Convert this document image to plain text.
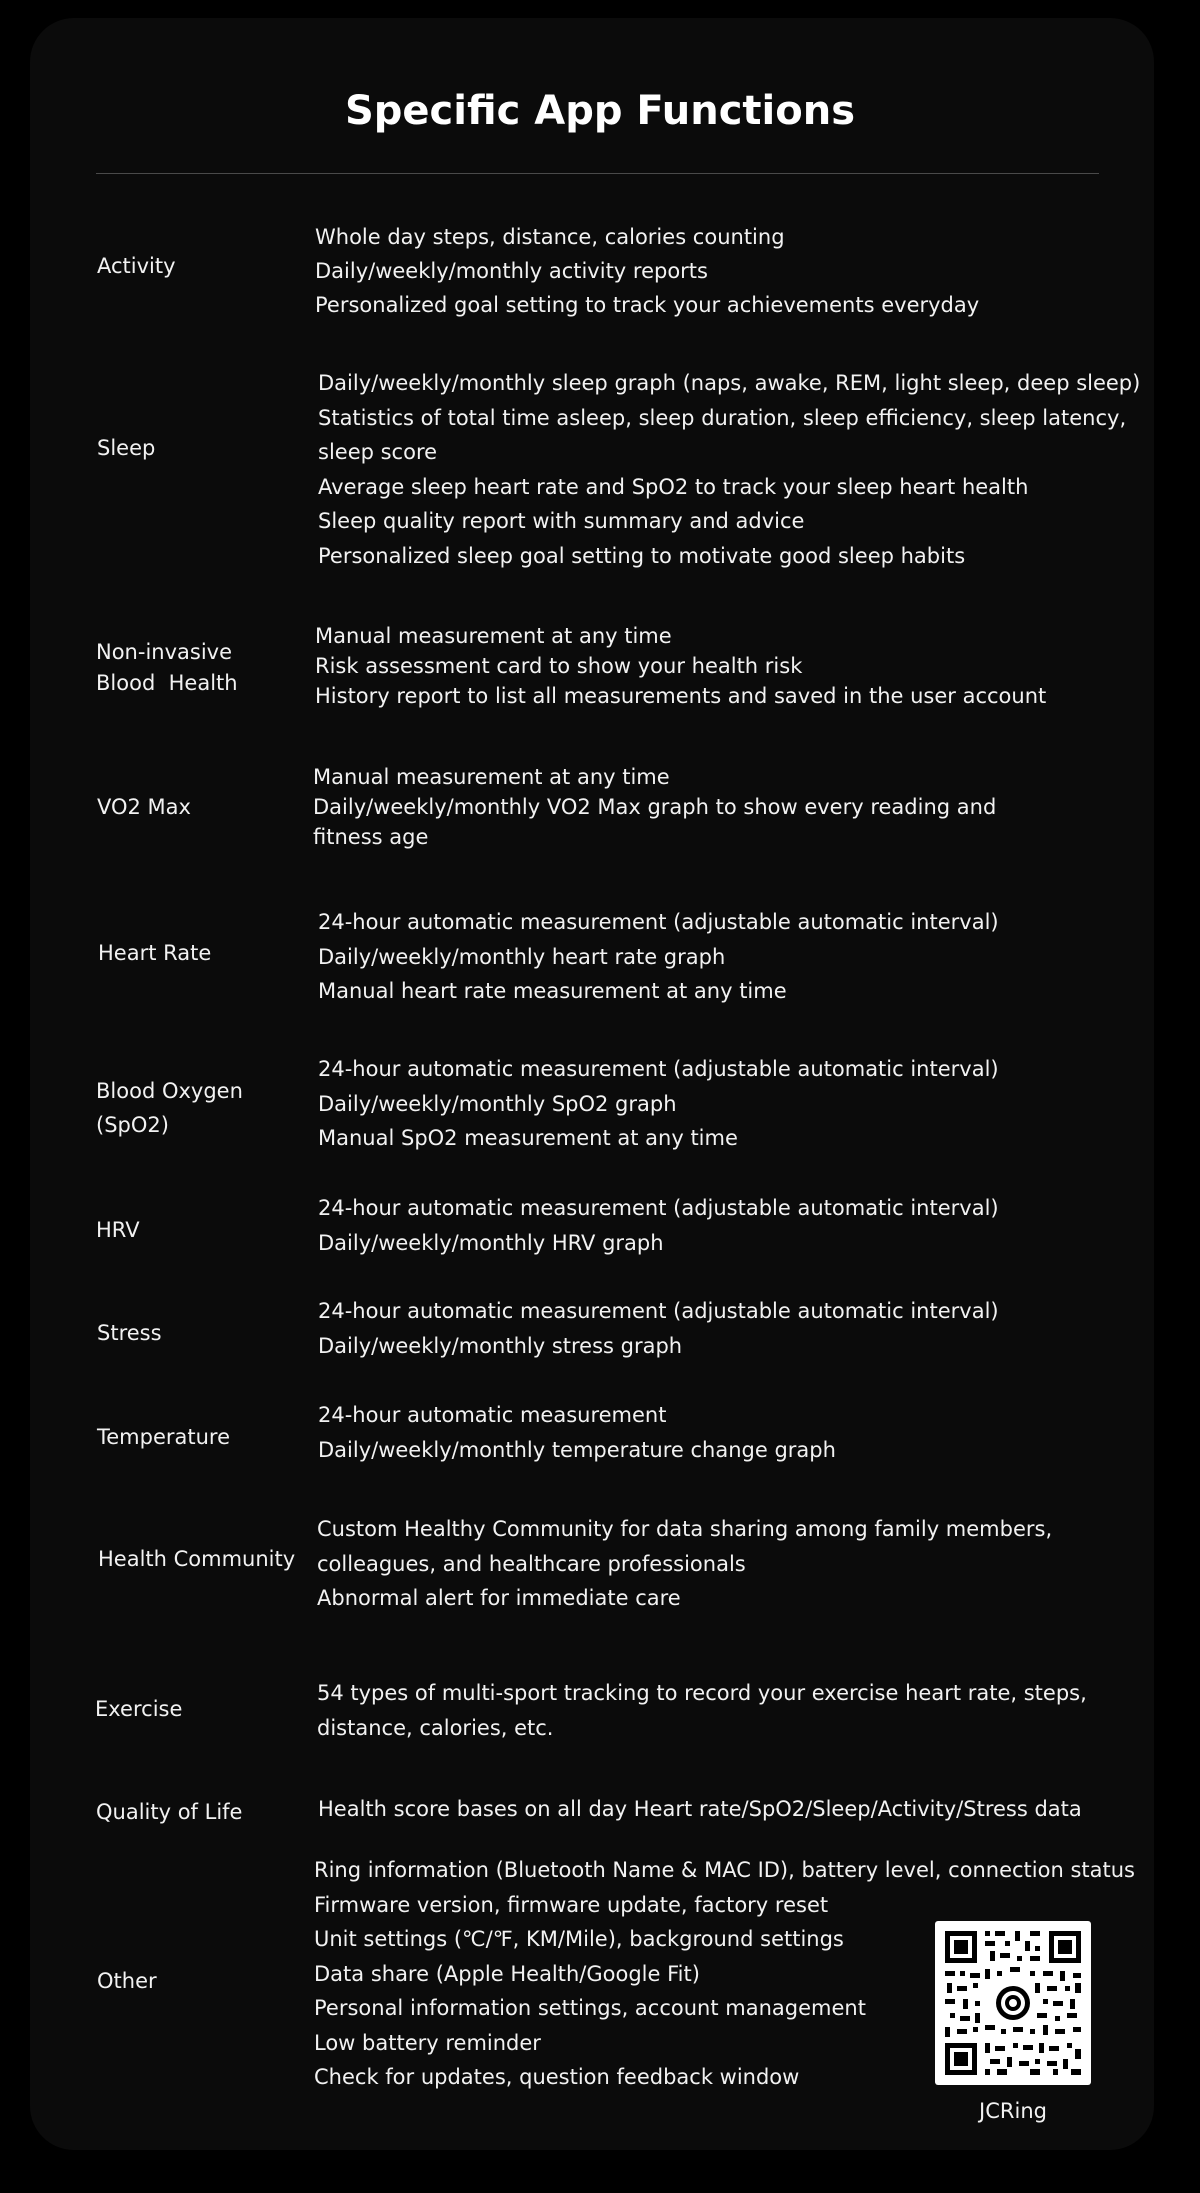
Specific App Functions
Activity
Whole day steps, distance, calories counting
Daily/weekly/monthly activity reports
Personalized goal setting to track your achievements everyday
Sleep
Daily/weekly/monthly sleep graph (naps, awake, REM, light sleep, deep sleep)
Statistics of total time asleep, sleep duration, sleep efficiency, sleep latency,
sleep score
Average sleep heart rate and SpO2 to track your sleep heart health
Sleep quality report with summary and advice
Personalized sleep goal setting to motivate good sleep habits
Non-invasive
Blood  Health
Manual measurement at any time
Risk assessment card to show your health risk
History report to list all measurements and saved in the user account
VO2 Max
Manual measurement at any time
Daily/weekly/monthly VO2 Max graph to show every reading and
fitness age
Heart Rate
24-hour automatic measurement (adjustable automatic interval)
Daily/weekly/monthly heart rate graph
Manual heart rate measurement at any time
Blood Oxygen
(SpO2)
24-hour automatic measurement (adjustable automatic interval)
Daily/weekly/monthly SpO2 graph
Manual SpO2 measurement at any time
HRV
24-hour automatic measurement (adjustable automatic interval)
Daily/weekly/monthly HRV graph
Stress
24-hour automatic measurement (adjustable automatic interval)
Daily/weekly/monthly stress graph
Temperature
24-hour automatic measurement
Daily/weekly/monthly temperature change graph
Health Community
Custom Healthy Community for data sharing among family members,
colleagues, and healthcare professionals
Abnormal alert for immediate care
Exercise
54 types of multi-sport tracking to record your exercise heart rate, steps,
distance, calories, etc.
Quality of Life	Health score bases on all day Heart rate/SpO2/Sleep/Activity/Stress data
Other
Ring information (Bluetooth Name & MAC ID), battery level, connection status
Firmware version, firmware update, factory reset
Unit settings (℃/℉, KM/Mile), background settings
Data share (Apple Health/Google Fit)
Personal information settings, account management
Low battery reminder
Check for updates, question feedback window
JCRing
